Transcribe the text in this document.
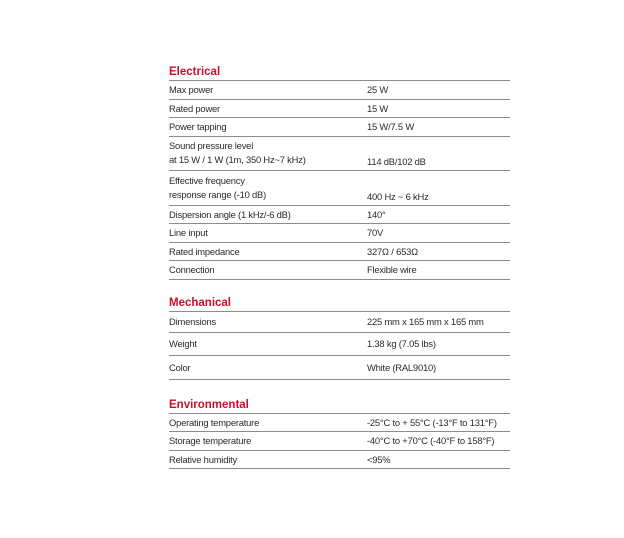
Electrical
Max power	25 W
Rated power	15 W
Power tapping	15 W/7.5 W
Sound pressure level
at 15 W / 1 W (1m, 350 Hz~7 kHz)	114 dB/102 dB
Effective frequency
response range (-10 dB)	400 Hz ~ 6 kHz
Dispersion angle (1 kHz/-6 dB)	140°
Line input	70V
Rated impedance	327Ω / 653Ω
Connection	Flexible wire
Mechanical
Dimensions	225 mm x 165 mm x 165 mm
Weight	1.38 kg (7.05 lbs)
Color	White (RAL9010)
Environmental
Operating temperature	-25°C to + 55°C (-13°F to 131°F)
Storage temperature	-40°C to +70°C (-40°F to 158°F)
Relative humidity	<95%
